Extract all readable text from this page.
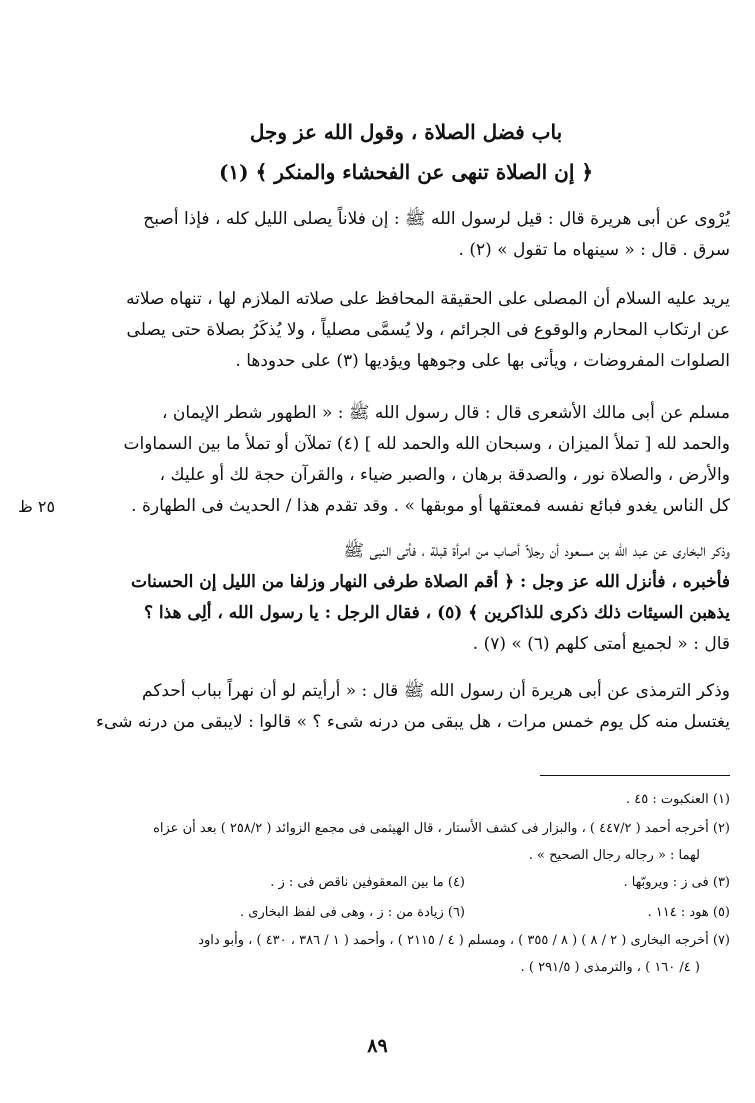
باب فضل الصلاة ، وقول الله عز وجل
﴿ إن الصلاة تنهى عن الفحشاء والمنكر ﴾ (١)

يُرْوى عن أبى هريرة قال : قيل لرسول الله ﷺ : إن فلاناً يصلى الليل كله ، فإذا أصبح

سرق . قال : « سينهاه ما تقول » (٢) .

يريد عليه السلام أن المصلى على الحقيقة المحافظ على صلاته الملازم لها ، تنهاه صلاته

عن ارتكاب المحارم والوقوع فى الجرائم ، ولا يُسمَّى مصلياً ، ولا يُذكَرُ بصلاة حتى يصلى

الصلوات المفروضات ، ويأتى بها على وجوهها ويؤديها (٣) على حدودها .

مسلم عن أبى مالك الأشعرى قال : قال رسول الله ﷺ : « الطهور شطر الإيمان ،

والحمد لله [ تملأ الميزان ، وسبحان الله والحمد لله ] (٤) تملآن أو تملأ ما بين السماوات

والأرض ، والصلاة نور ، والصدقة برهان ، والصبر ضياء ، والقرآن حجة لك أو عليك ،

كل الناس يغدو فبائع نفسه فمعتقها أو موبقها » . وقد تقدم هذا / الحديث فى الطهارة .

٢٥ ظ

وذكر البخارى عن عبد الله بن مسعود أن رجلاً أصاب من امرأة قبلة ، فأتى النبى ﷺ

فأخبره ، فأنزل الله عز وجل : ﴿ أقم الصلاة طرفى النهار وزلفا من الليل إن الحسنات

يذهبن السيئات ذلك ذكرى للذاكرين ﴾ (٥) ، فقال الرجل : يا رسول الله ، ألِى هذا ؟

قال : « لجميع أمتى كلهم (٦) » (٧) .

وذكر الترمذى عن أبى هريرة أن رسول الله ﷺ قال : « أرأيتم لو أن نهراً بباب أحدكم

يغتسل منه كل يوم خمس مرات ، هل يبقى من درنه شىء ؟ » قالوا : لايبقى من درنه شىء

(١) العنكبوت : ٤٥ .
(٢) أخرجه أحمد ( ٤٤٧/٢ ) ، والبزار فى كشف الأستار ، قال الهيثمى فى مجمع الزوائد ( ٢٥٨/٢ ) بعد أن عزاه
لهما : « رجاله رجال الصحيح » .
(٣) فى ز : ويروبّها .
(٤) ما بين المعقوفين ناقص فى : ز .
(٥) هود : ١١٤ .
(٦) زيادة من : ز ، وهى فى لفظ البخارى .
(٧) أخرجه البخارى ( ٢ / ٨ ) ( ٨ / ٣٥٥ ) ، ومسلم ( ٤ / ٢١١٥ ) ، وأحمد ( ١ / ٣٨٦ ، ٤٣٠ ) ، وأبو داود
( ٤/ ١٦٠ ) ، والترمذى ( ٢٩١/٥ ) .
٨٩
